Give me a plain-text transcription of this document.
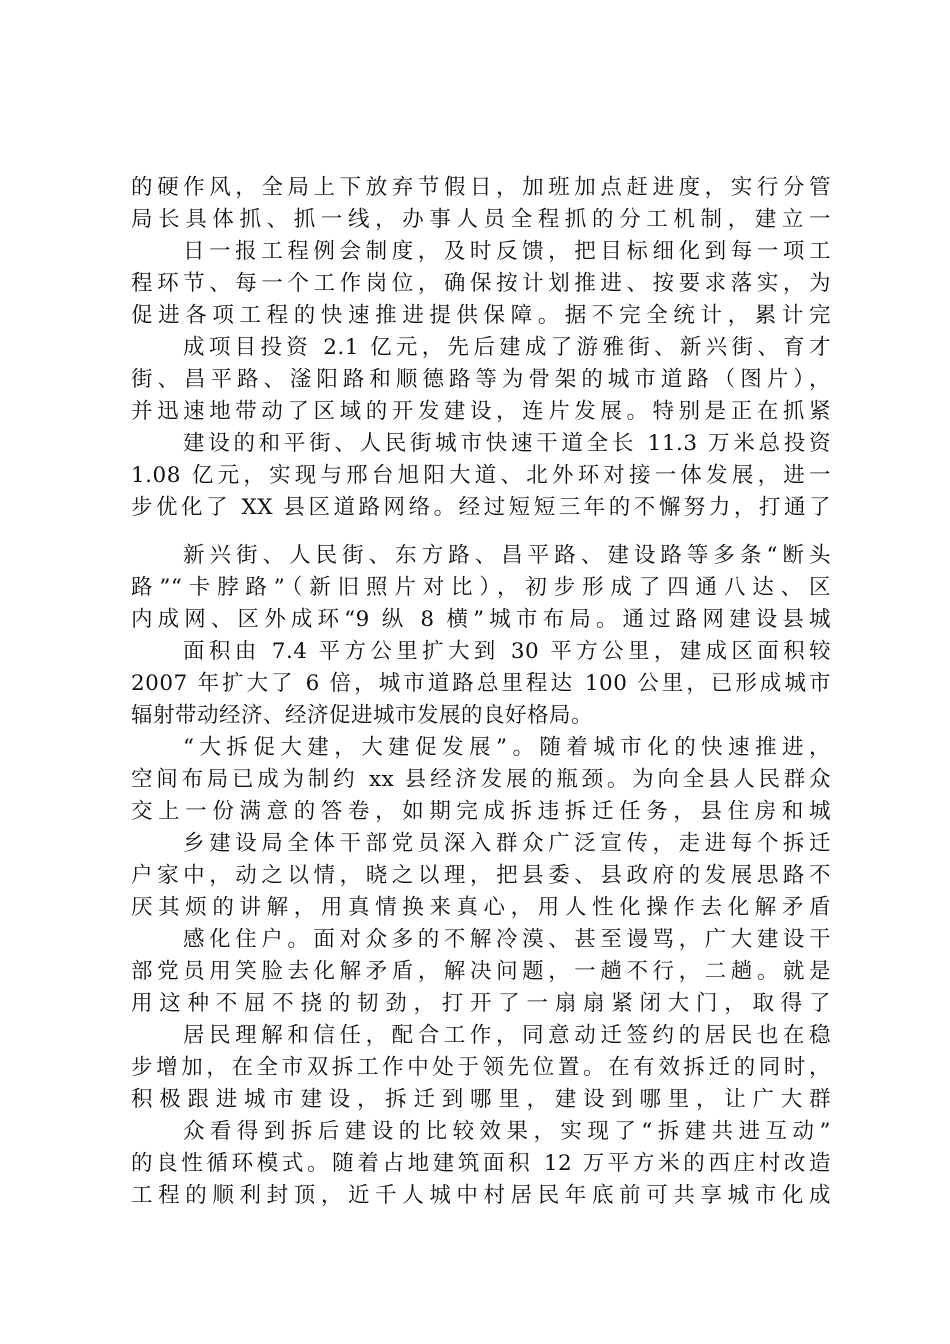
的硬作风，全局上下放弃节假日，加班加点赶进度，实行分管
局长具体抓、抓一线，办事人员全程抓的分工机制，建立一
日一报工程例会制度，及时反馈，把目标细化到每一项工
程环节、每一个工作岗位，确保按计划推进、按要求落实，为
促进各项工程的快速推进提供保障。据不完全统计，累计完
成项目投资 2.1 亿元，先后建成了游雅街、新兴街、育才
街、昌平路、滏阳路和顺德路等为骨架的城市道路（图片），
并迅速地带动了区域的开发建设，连片发展。特别是正在抓紧
建设的和平街、人民街城市快速干道全长 11.3 万米总投资
1.08 亿元，实现与邢台旭阳大道、北外环对接一体发展，进一
步优化了 XX 县区道路网络。经过短短三年的不懈努力，打通了
新兴街、人民街、东方路、昌平路、建设路等多条“断头
路”“卡脖路”（新旧照片对比），初步形成了四通八达、区
内成网、区外成环“9 纵 8 横”城市布局。通过路网建设县城
面积由 7.4 平方公里扩大到 30 平方公里，建成区面积较
2007 年扩大了 6 倍，城市道路总里程达 100 公里，已形成城市
辐射带动经济、经济促进城市发展的良好格局。
“大拆促大建，大建促发展”。随着城市化的快速推进，
空间布局已成为制约 xx 县经济发展的瓶颈。为向全县人民群众
交上一份满意的答卷，如期完成拆违拆迁任务，县住房和城
乡建设局全体干部党员深入群众广泛宣传，走进每个拆迁
户家中，动之以情，晓之以理，把县委、县政府的发展思路不
厌其烦的讲解，用真情换来真心，用人性化操作去化解矛盾
感化住户。面对众多的不解冷漠、甚至谩骂，广大建设干
部党员用笑脸去化解矛盾，解决问题，一趟不行，二趟。就是
用这种不屈不挠的韧劲，打开了一扇扇紧闭大门，取得了
居民理解和信任，配合工作，同意动迁签约的居民也在稳
步增加，在全市双拆工作中处于领先位置。在有效拆迁的同时，
积极跟进城市建设，拆迁到哪里，建设到哪里，让广大群
众看得到拆后建设的比较效果，实现了“拆建共进互动”
的良性循环模式。随着占地建筑面积 12 万平方米的西庄村改造
工程的顺利封顶，近千人城中村居民年底前可共享城市化成
